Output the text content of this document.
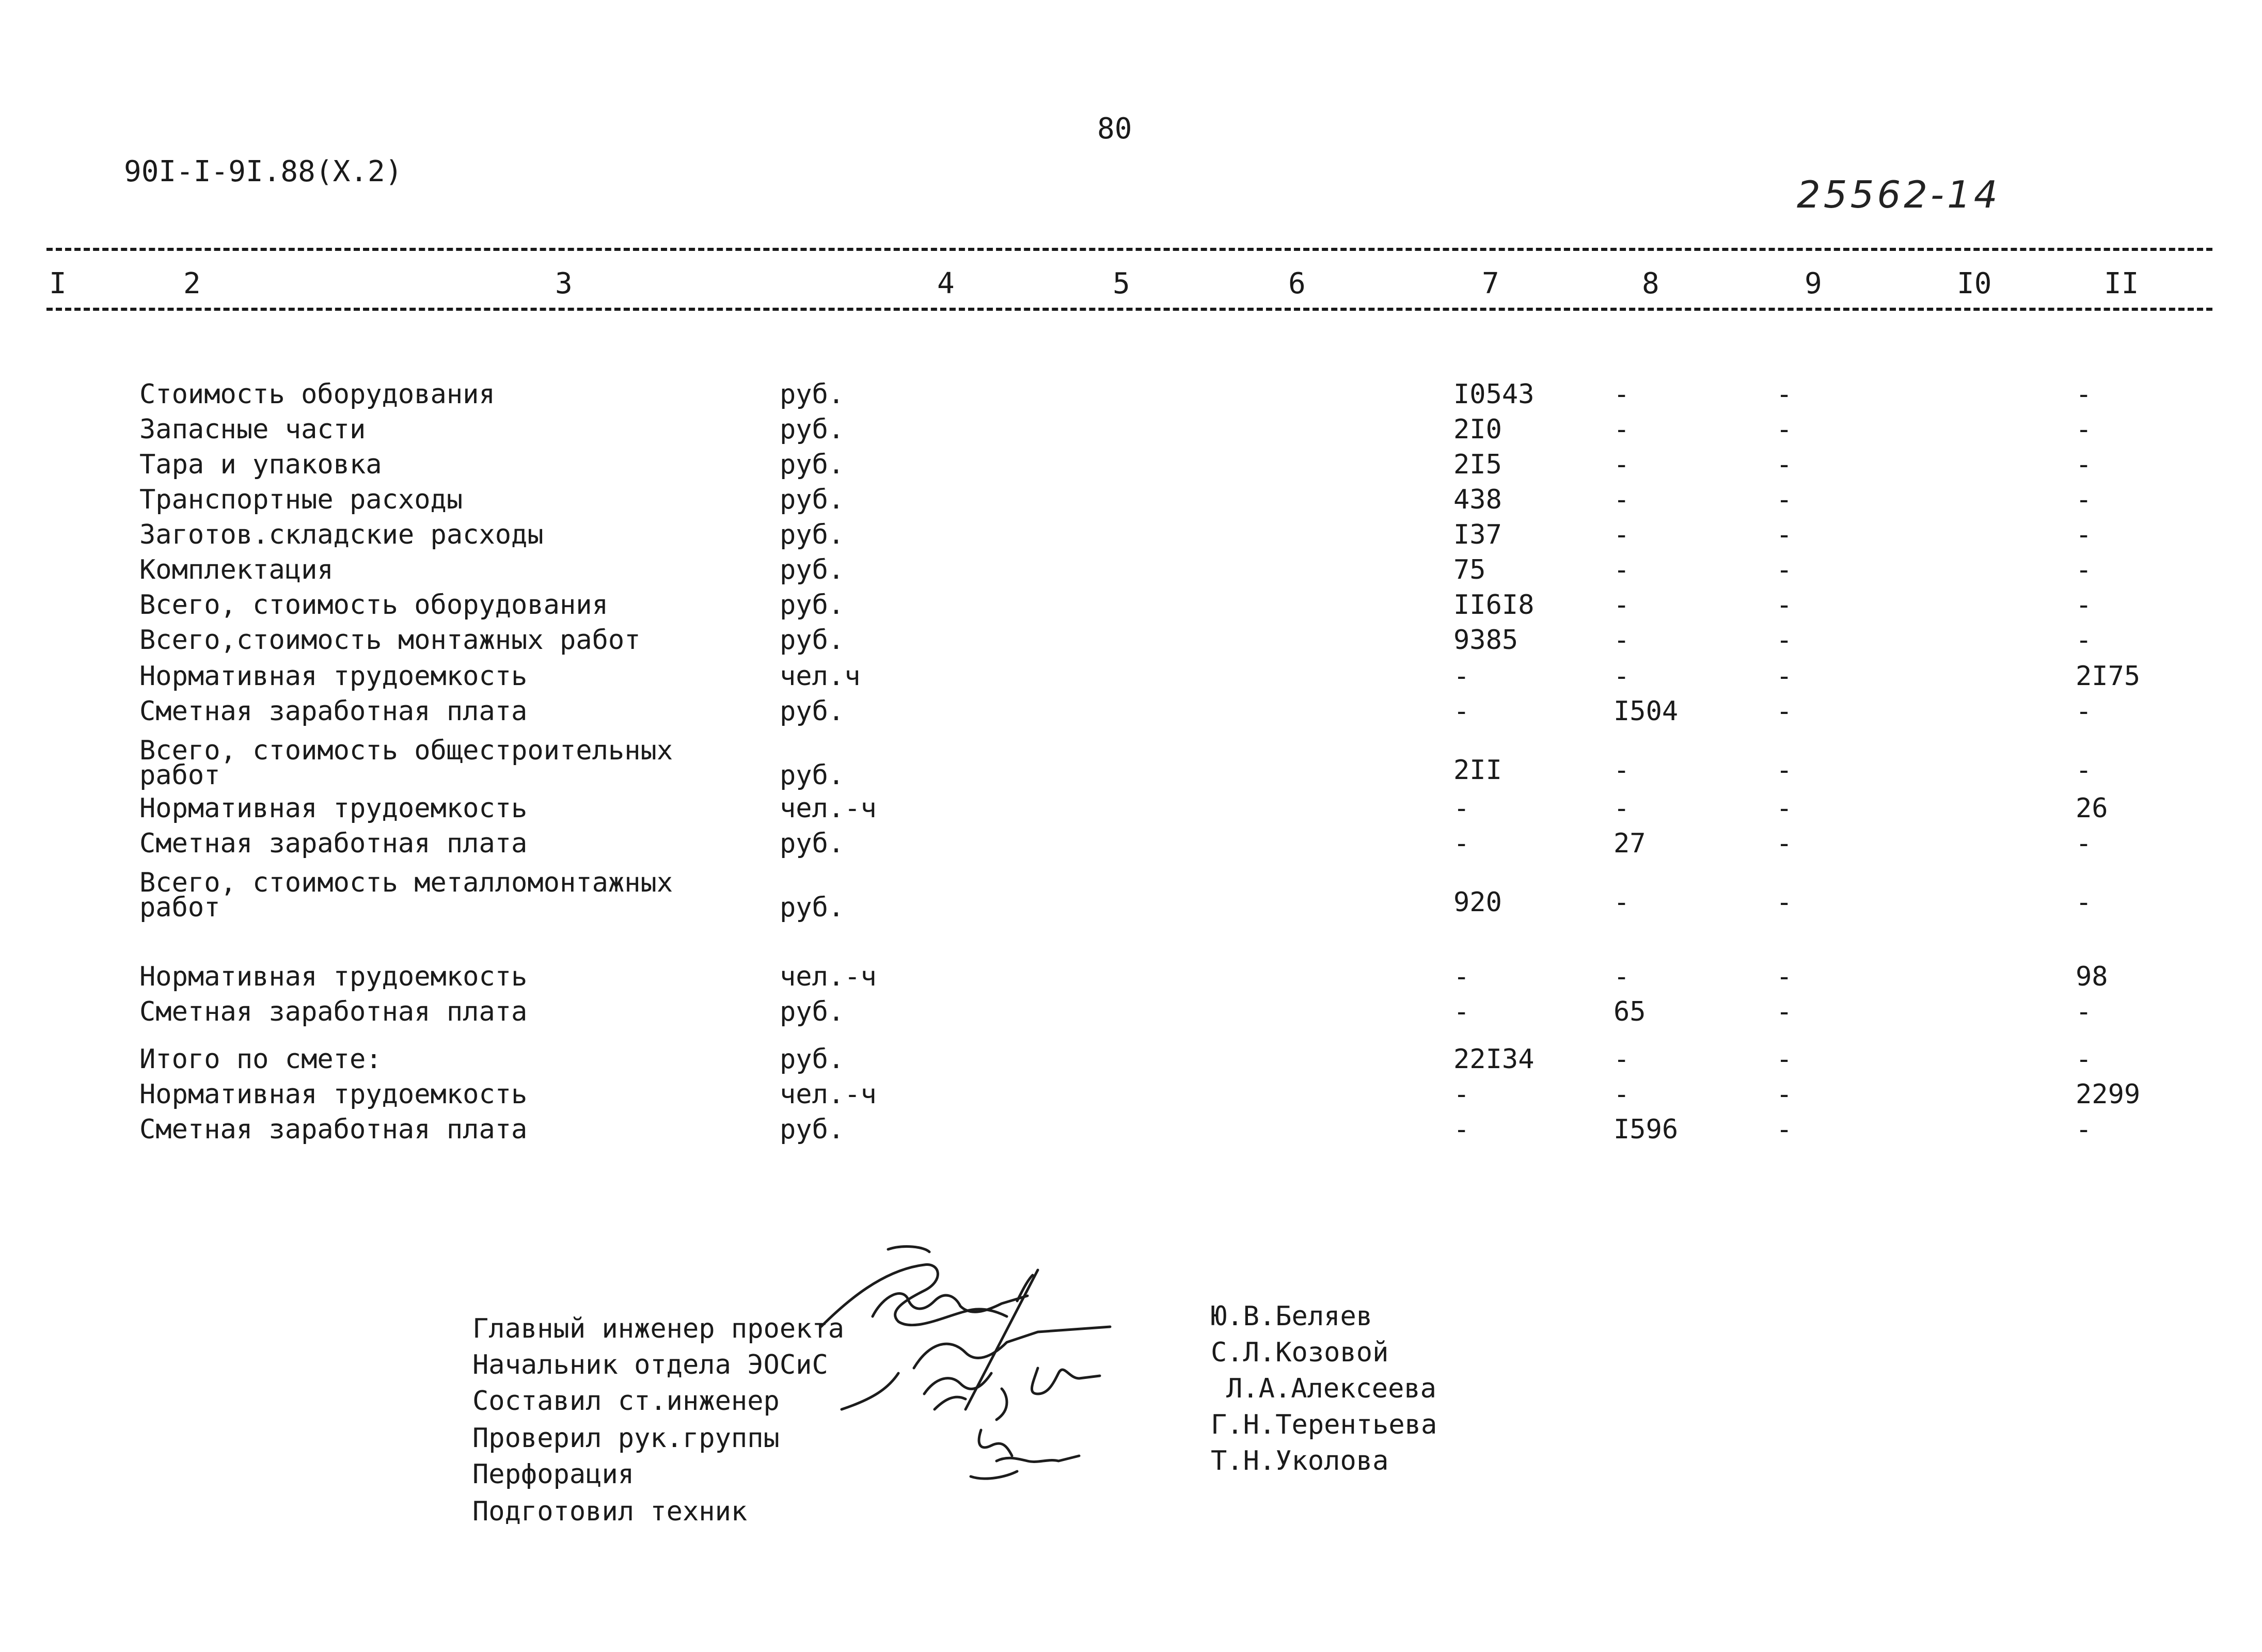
80
90I-I-9I.88(X.2)
25562-14
I	2	3	4	5	6	7	8	9	I0	II
Стоимость оборудования	руб.	I0543	-	-	-
Запасные части	руб.	2I0	-	-	-
Тара и упаковка	руб.	2I5	-	-	-
Транспортные расходы	руб.	438	-	-	-
Заготов.складские расходы	руб.	I37	-	-	-
Комплектация	руб.	75	-	-	-
Всего, стоимость оборудования	руб.	II6I8	-	-	-
Всего,стоимость монтажных работ	руб.	9385	-	-	-
Нормативная трудоемкость	чел.ч	-	-	-	2I75
Сметная заработная плата	руб.	-	I504	-	-
Всего, стоимость общестроительных
работ	руб.	2II	-	-	-
Нормативная трудоемкость	чел.-ч	-	-	-	26
Сметная заработная плата	руб.	-	27	-	-
Всего, стоимость металломонтажных
работ	руб.	920	-	-	-
Нормативная трудоемкость	чел.-ч	-	-	-	98
Сметная заработная плата	руб.	-	65	-	-
Итого по смете:	руб.	22I34	-	-	-
Нормативная трудоемкость	чел.-ч	-	-	-	2299
Сметная заработная плата	руб.	-	I596	-	-
Главный инженер проекта
Начальник отдела ЭОСиС
Составил ст.инженер
Проверил рук.группы
Перфорация
Подготовил техник
Ю.В.Беляев
С.Л.Козовой
Л.А.Алексеева
Г.Н.Терентьева
Т.Н.Уколова
